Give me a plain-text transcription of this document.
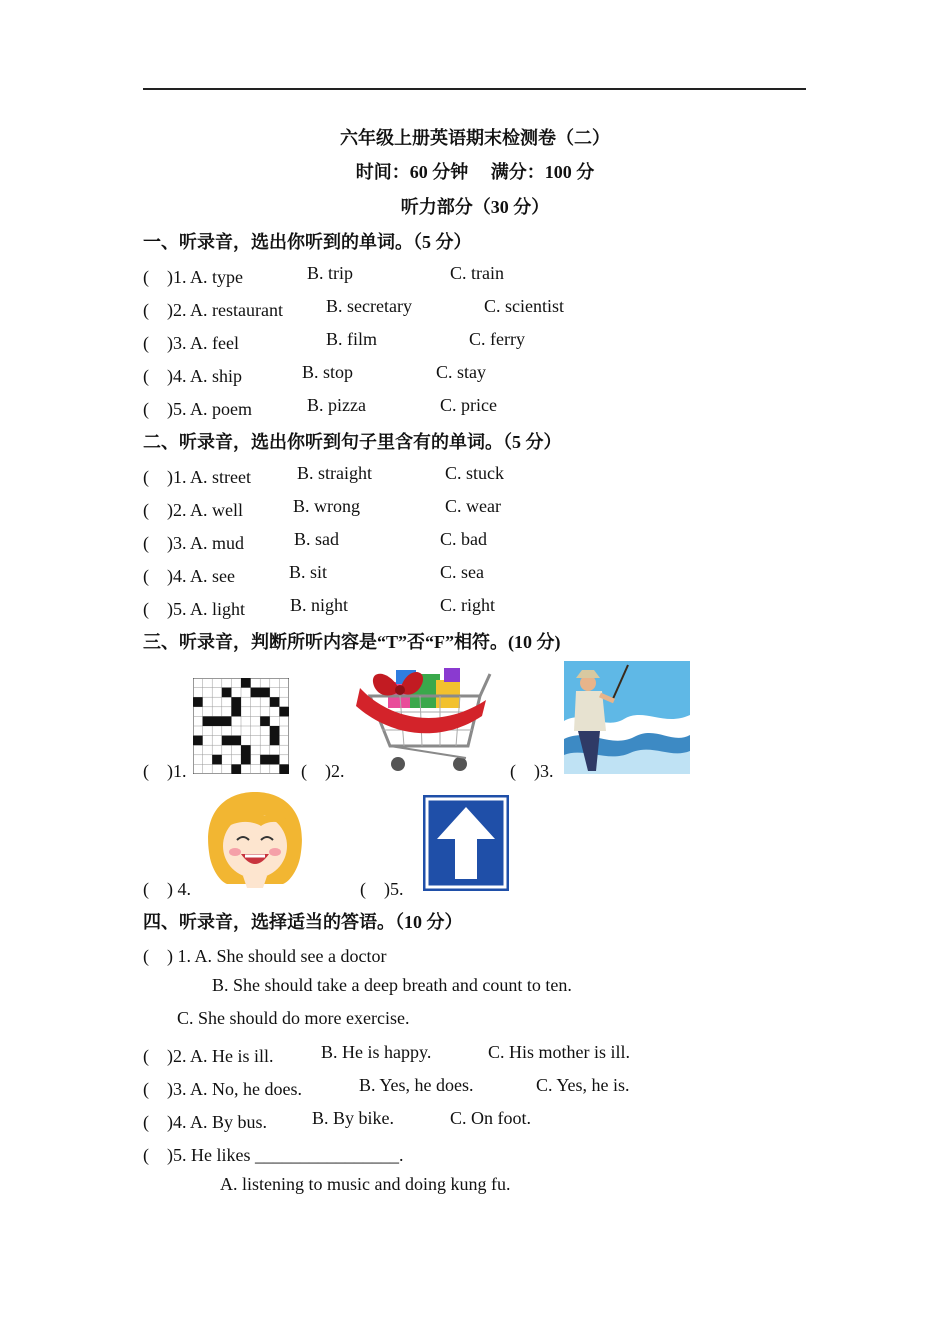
六年级上册英语期末检测卷（二）
时间：60 分钟　 满分：100 分
听力部分（30 分）
一、听录音，选出你听到的单词。（5 分）
(　)1. A. type	B. trip	C. train
(　)2. A. restaurant B. secretary	C. scientist
(　)3. A. feel	B. film	C. ferry
(　)4. A. ship	B. stop	C. stay
(　)5. A. poem	B. pizza	C. price
二、听录音，选出你听到句子里含有的单词。（5 分）
(　)1. A. street	B. straight	C. stuck
(　)2. A. well	B. wrong	C. wear
(　)3. A. mud	B. sad	C. bad
(　)4. A. see	B. sit	C. sea
(　)5. A. light	B. night	C. right
三、听录音，判断所听内容是“T”否“F”相符。(10 分)
(　)1.	(　)2.	(　)3.
(　) 4.	(　)5.
四、听录音，选择适当的答语。（10 分）
(　) 1. A. She should see a doctor
B. She should take a deep breath and count to ten.
C. She should do more exercise.
(　)2. A. He is ill.	B. He is happy.	C. His mother is ill.
(　)3. A. No, he does.	B. Yes, he does.	C. Yes, he is.
(　)4. A. By bus. B. By bike.	C. On foot.
(　)5. He likes ________________.
A. listening to music and doing kung fu.
